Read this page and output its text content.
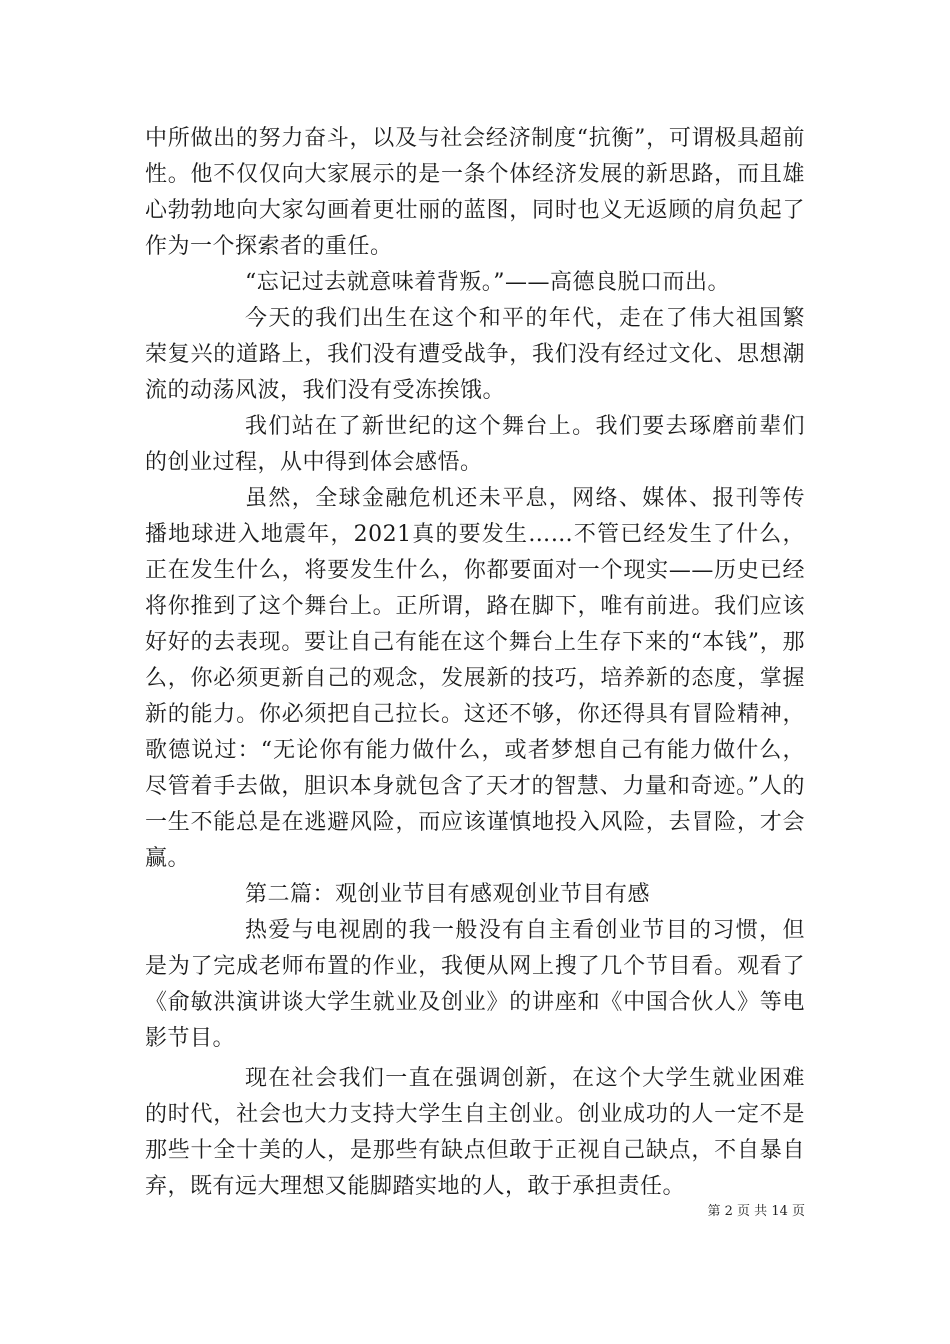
中所做出的努力奋斗，以及与社会经济制度“抗衡”，可谓极具超前性。他不仅仅向大家展示的是一条个体经济发展的新思路，而且雄心勃勃地向大家勾画着更壮丽的蓝图，同时也义无返顾的肩负起了作为一个探索者的重任。

“忘记过去就意味着背叛。”——高德良脱口而出。

今天的我们出生在这个和平的年代，走在了伟大祖国繁荣复兴的道路上，我们没有遭受战争，我们没有经过文化、思想潮流的动荡风波，我们没有受冻挨饿。

我们站在了新世纪的这个舞台上。我们要去琢磨前辈们的创业过程，从中得到体会感悟。

虽然，全球金融危机还未平息，网络、媒体、报刊等传播地球进入地震年，2021真的要发生……不管已经发生了什么，正在发生什么，将要发生什么，你都要面对一个现实——历史已经将你推到了这个舞台上。正所谓，路在脚下，唯有前进。我们应该好好的去表现。要让自己有能在这个舞台上生存下来的“本钱”，那么，你必须更新自己的观念，发展新的技巧，培养新的态度，掌握新的能力。你必须把自己拉长。这还不够，你还得具有冒险精神，歌德说过：“无论你有能力做什么，或者梦想自己有能力做什么，尽管着手去做，胆识本身就包含了天才的智慧、力量和奇迹。”人的一生不能总是在逃避风险，而应该谨慎地投入风险，去冒险，才会赢。

第二篇：观创业节目有感观创业节目有感

热爱与电视剧的我一般没有自主看创业节目的习惯，但是为了完成老师布置的作业，我便从网上搜了几个节目看。观看了《俞敏洪演讲谈大学生就业及创业》的讲座和《中国合伙人》等电影节目。

现在社会我们一直在强调创新，在这个大学生就业困难的时代，社会也大力支持大学生自主创业。创业成功的人一定不是那些十全十美的人，是那些有缺点但敢于正视自己缺点，不自暴自弃，既有远大理想又能脚踏实地的人，敢于承担责任。

第 2 页 共 14 页
